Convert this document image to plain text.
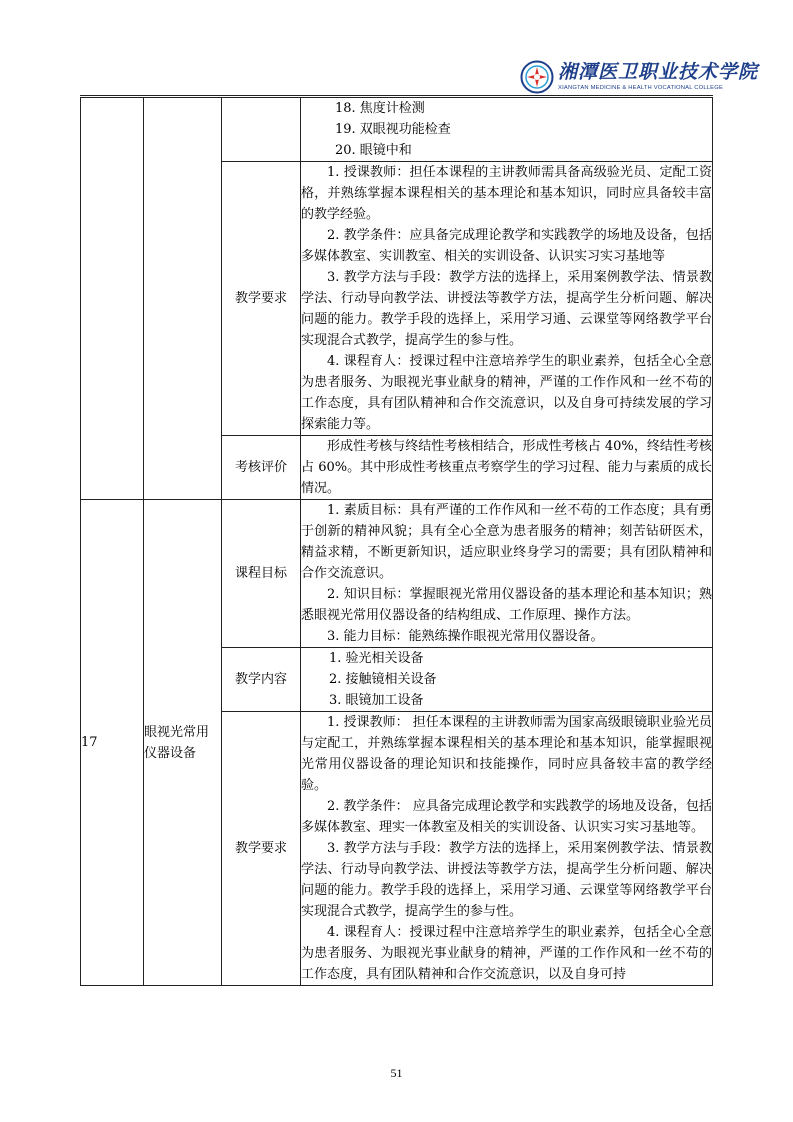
湘潭医卫职业技术学院
XIANGTAN MEDICINE & HEALTH VOCATIONAL COLLEGE

			18. 焦度计检测
19. 双眼视功能检查
20. 眼镜中和

		教学要求	1. 授课教师：担任本课程的主讲教师需具备高级验光员、定配工资格，并熟练掌握本课程相关的基本理论和基本知识，同时应具备较丰富的教学经验。
2. 教学条件：应具备完成理论教学和实践教学的场地及设备，包括多媒体教室、实训教室、相关的实训设备、认识实习实习基地等
3. 教学方法与手段：教学方法的选择上，采用案例教学法、情景教学法、行动导向教学法、讲授法等教学方法，提高学生分析问题、解决问题的能力。教学手段的选择上，采用学习通、云课堂等网络教学平台实现混合式教学，提高学生的参与性。
4. 课程育人：授课过程中注意培养学生的职业素养，包括全心全意为患者服务、为眼视光事业献身的精神，严谨的工作作风和一丝不苟的工作态度，具有团队精神和合作交流意识，以及自身可持续发展的学习探索能力等。

		考核评价	形成性考核与终结性考核相结合，形成性考核占 40%，终结性考核占 60%。其中形成性考核重点考察学生的学习过程、能力与素质的成长情况。

17	眼视光常用仪器设备	课程目标	1. 素质目标：具有严谨的工作作风和一丝不苟的工作态度；具有勇于创新的精神风貌；具有全心全意为患者服务的精神；刻苦钻研医术，精益求精，不断更新知识，适应职业终身学习的需要；具有团队精神和合作交流意识。
2. 知识目标：掌握眼视光常用仪器设备的基本理论和基本知识；熟悉眼视光常用仪器设备的结构组成、工作原理、操作方法。
3. 能力目标：能熟练操作眼视光常用仪器设备。

		教学内容	1. 验光相关设备
2. 接触镜相关设备
3. 眼镜加工设备

		教学要求	1. 授课教师： 担任本课程的主讲教师需为国家高级眼镜职业验光员与定配工，并熟练掌握本课程相关的基本理论和基本知识，能掌握眼视光常用仪器设备的理论知识和技能操作，同时应具备较丰富的教学经验。
2. 教学条件： 应具备完成理论教学和实践教学的场地及设备，包括多媒体教室、理实一体教室及相关的实训设备、认识实习实习基地等。
3. 教学方法与手段：教学方法的选择上，采用案例教学法、情景教学法、行动导向教学法、讲授法等教学方法，提高学生分析问题、解决问题的能力。教学手段的选择上，采用学习通、云课堂等网络教学平台实现混合式教学，提高学生的参与性。
4. 课程育人：授课过程中注意培养学生的职业素养，包括全心全意为患者服务、为眼视光事业献身的精神，严谨的工作作风和一丝不苟的工作态度，具有团队精神和合作交流意识，以及自身可持
51
